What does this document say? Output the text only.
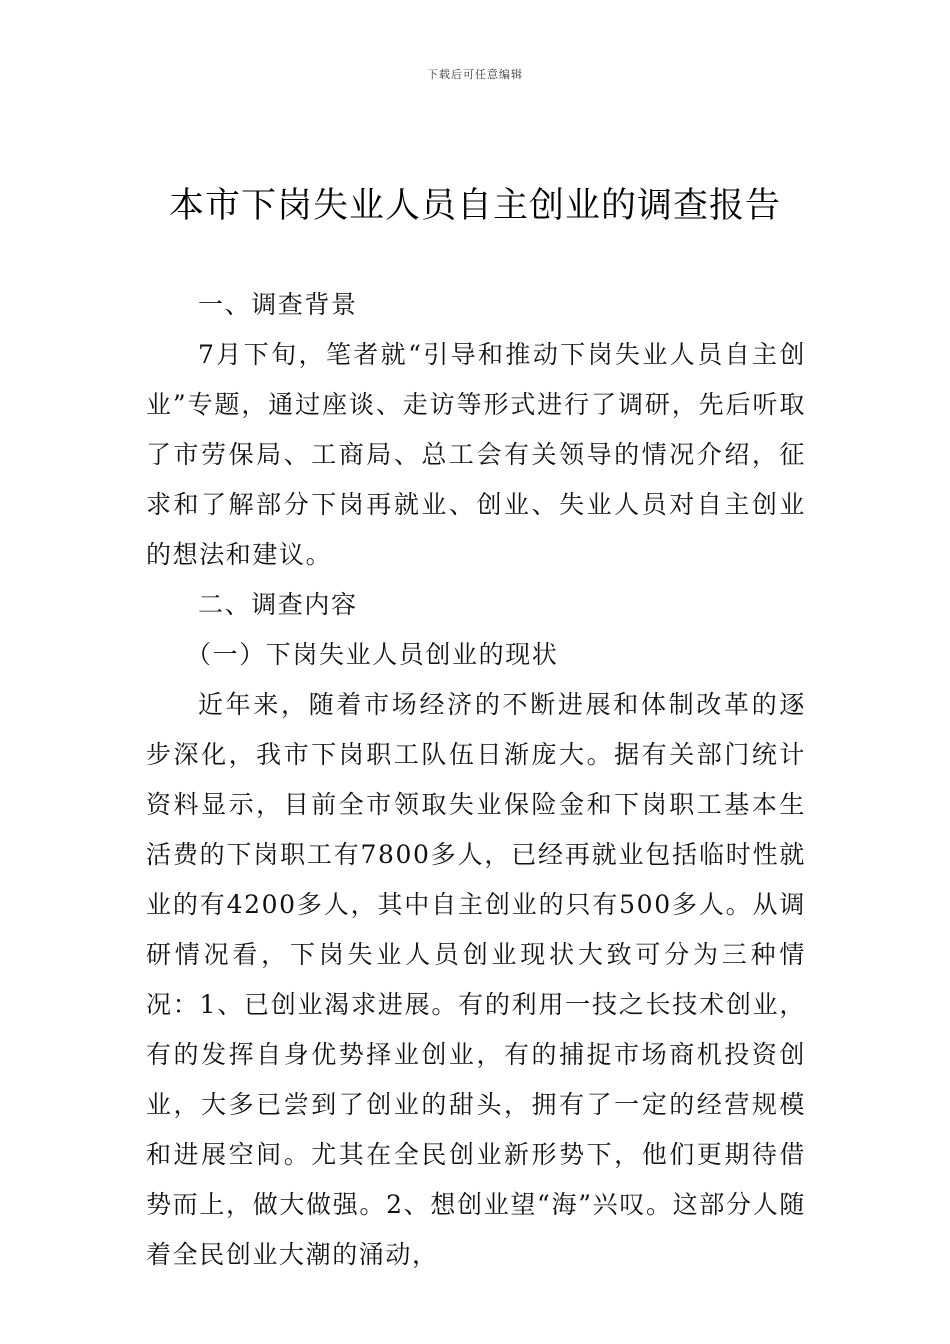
下载后可任意编辑
本市下岗失业人员自主创业的调查报告

一、调查背景

7月下旬，笔者就“引导和推动下岗失业人员自主创业”专题，通过座谈、走访等形式进行了调研，先后听取了市劳保局、工商局、总工会有关领导的情况介绍，征求和了解部分下岗再就业、创业、失业人员对自主创业的想法和建议。

二、调查内容

（一）下岗失业人员创业的现状

近年来，随着市场经济的不断进展和体制改革的逐步深化，我市下岗职工队伍日渐庞大。据有关部门统计资料显示，目前全市领取失业保险金和下岗职工基本生活费的下岗职工有7800多人，已经再就业包括临时性就业的有4200多人，其中自主创业的只有500多人。从调研情况看，下岗失业人员创业现状大致可分为三种情况：1、已创业渴求进展。有的利用一技之长技术创业，有的发挥自身优势择业创业，有的捕捉市场商机投资创业，大多已尝到了创业的甜头，拥有了一定的经营规模和进展空间。尤其在全民创业新形势下，他们更期待借势而上，做大做强。2、想创业望“海”兴叹。这部分人随着全民创业大潮的涌动，
